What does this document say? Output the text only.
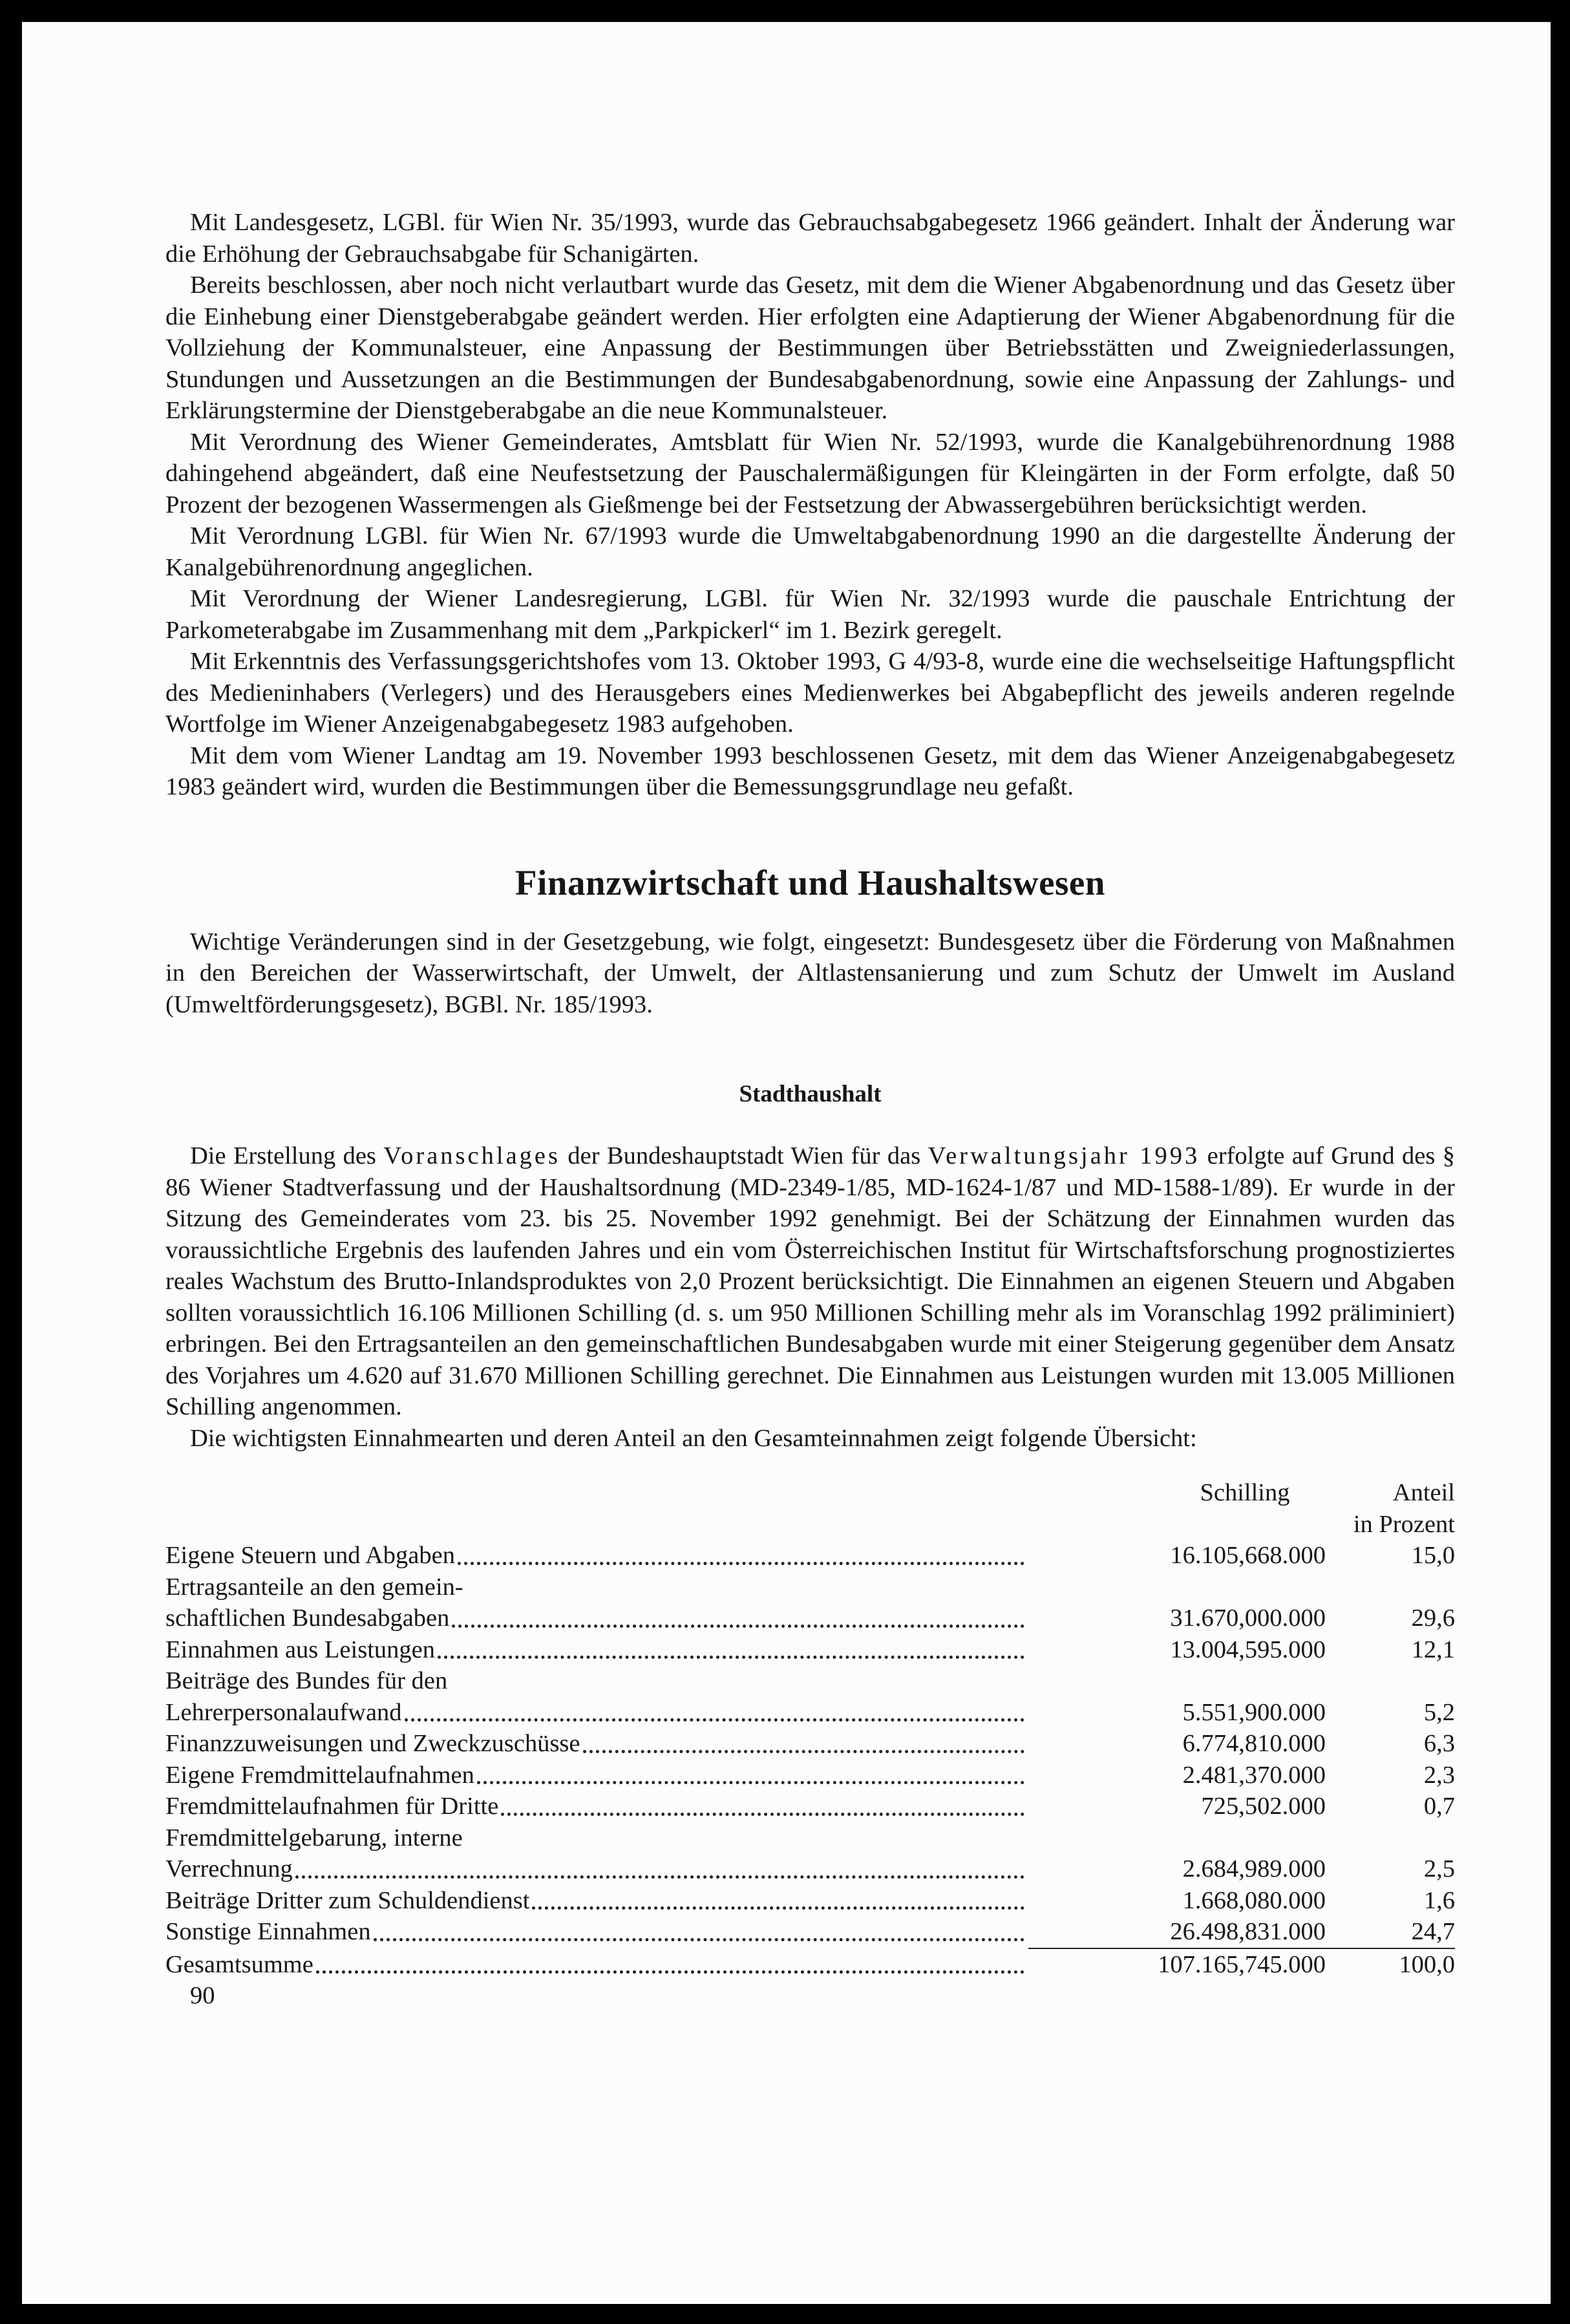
Mit Landesgesetz, LGBl. für Wien Nr. 35/1993, wurde das Gebrauchsabgabegesetz 1966 geändert. Inhalt der Änderung war die Erhöhung der Gebrauchsabgabe für Schanigärten.

Bereits beschlossen, aber noch nicht verlautbart wurde das Gesetz, mit dem die Wiener Abgabenordnung und das Gesetz über die Einhebung einer Dienstgeberabgabe geändert werden. Hier erfolgten eine Adaptierung der Wiener Abgabenordnung für die Vollziehung der Kommunalsteuer, eine Anpassung der Bestimmungen über Betriebsstätten und Zweigniederlassungen, Stundungen und Aussetzungen an die Bestimmungen der Bundesabgabenordnung, sowie eine Anpassung der Zahlungs- und Erklärungstermine der Dienstgeberabgabe an die neue Kommunalsteuer.

Mit Verordnung des Wiener Gemeinderates, Amtsblatt für Wien Nr. 52/1993, wurde die Kanalgebührenordnung 1988 dahingehend abgeändert, daß eine Neufestsetzung der Pauschalermäßigungen für Kleingärten in der Form erfolgte, daß 50 Prozent der bezogenen Wassermengen als Gießmenge bei der Festsetzung der Abwassergebühren berücksichtigt werden.

Mit Verordnung LGBl. für Wien Nr. 67/1993 wurde die Umweltabgabenordnung 1990 an die dargestellte Änderung der Kanalgebührenordnung angeglichen.

Mit Verordnung der Wiener Landesregierung, LGBl. für Wien Nr. 32/1993 wurde die pauschale Entrichtung der Parkometerabgabe im Zusammenhang mit dem „Parkpickerl“ im 1. Bezirk geregelt.

Mit Erkenntnis des Verfassungsgerichtshofes vom 13. Oktober 1993, G 4/93-8, wurde eine die wechselseitige Haftungspflicht des Medieninhabers (Verlegers) und des Herausgebers eines Medienwerkes bei Abgabepflicht des jeweils anderen regelnde Wortfolge im Wiener Anzeigenabgabegesetz 1983 aufgehoben.

Mit dem vom Wiener Landtag am 19. November 1993 beschlossenen Gesetz, mit dem das Wiener Anzeigenabgabegesetz 1983 geändert wird, wurden die Bestimmungen über die Bemessungsgrundlage neu gefaßt.

Finanzwirtschaft und Haushaltswesen

Wichtige Veränderungen sind in der Gesetzgebung, wie folgt, eingesetzt: Bundesgesetz über die Förderung von Maßnahmen in den Bereichen der Wasserwirtschaft, der Umwelt, der Altlastensanierung und zum Schutz der Umwelt im Ausland (Umweltförderungsgesetz), BGBl. Nr. 185/1993.

Stadthaushalt

Die Erstellung des Voranschlages der Bundeshauptstadt Wien für das Verwaltungsjahr 1993 erfolgte auf Grund des § 86 Wiener Stadtverfassung und der Haushaltsordnung (MD-2349-1/85, MD-1624-1/87 und MD-1588-1/89). Er wurde in der Sitzung des Gemeinderates vom 23. bis 25. November 1992 genehmigt. Bei der Schätzung der Einnahmen wurden das voraussichtliche Ergebnis des laufenden Jahres und ein vom Österreichischen Institut für Wirtschaftsforschung prognostiziertes reales Wachstum des Brutto-Inlandsproduktes von 2,0 Prozent berücksichtigt. Die Einnahmen an eigenen Steuern und Abgaben sollten voraussichtlich 16.106 Millionen Schilling (d. s. um 950 Millionen Schilling mehr als im Voranschlag 1992 präliminiert) erbringen. Bei den Ertragsanteilen an den gemeinschaftlichen Bundesabgaben wurde mit einer Steigerung gegenüber dem Ansatz des Vorjahres um 4.620 auf 31.670 Millionen Schilling gerechnet. Die Einnahmen aus Leistungen wurden mit 13.005 Millionen Schilling angenommen.

Die wichtigsten Einnahmearten und deren Anteil an den Gesamteinnahmen zeigt folgende Übersicht:

Schilling	Anteil
in Prozent
Eigene Steuern und Abgaben	16.105,668.000	15,0
Ertragsanteile an den gemein-
schaftlichen Bundesabgaben	31.670,000.000	29,6
Einnahmen aus Leistungen	13.004,595.000	12,1
Beiträge des Bundes für den
Lehrerpersonalaufwand	5.551,900.000	5,2
Finanzzuweisungen und Zweckzuschüsse	6.774,810.000	6,3
Eigene Fremdmittelaufnahmen	2.481,370.000	2,3
Fremdmittelaufnahmen für Dritte	725,502.000	0,7
Fremdmittelgebarung, interne
Verrechnung	2.684,989.000	2,5
Beiträge Dritter zum Schuldendienst	1.668,080.000	1,6
Sonstige Einnahmen	26.498,831.000	24,7
Gesamtsumme	107.165,745.000	100,0

90
